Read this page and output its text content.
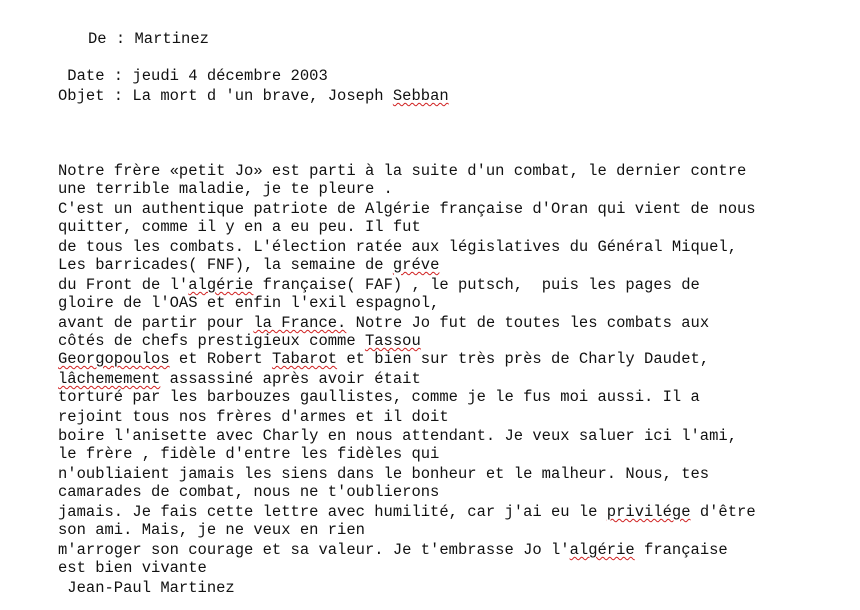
De : Martinez
Date : jeudi 4 décembre 2003
Objet : La mort d 'un brave, Joseph Sebban
Notre frère «petit Jo» est parti à la suite d'un combat, le dernier contre
une terrible maladie, je te pleure .
C'est un authentique patriote de Algérie française d'Oran qui vient de nous
quitter, comme il y en a eu peu. Il fut
de tous les combats. L'élection ratée aux législatives du Général Miquel,
Les barricades( FNF), la semaine de gréve
du Front de l'algérie française( FAF) , le putsch,  puis les pages de
gloire de l'OAS et enfin l'exil espagnol,
avant de partir pour la France. Notre Jo fut de toutes les combats aux
côtés de chefs prestigieux comme Tassou
Georgopoulos et Robert Tabarot et bien sur très près de Charly Daudet,
lâchemement assassiné après avoir était
torturé par les barbouzes gaullistes, comme je le fus moi aussi. Il a
rejoint tous nos frères d'armes et il doit
boire l'anisette avec Charly en nous attendant. Je veux saluer ici l'ami,
le frère , fidèle d'entre les fidèles qui
n'oubliaient jamais les siens dans le bonheur et le malheur. Nous, tes
camarades de combat, nous ne t'oublierons
jamais. Je fais cette lettre avec humilité, car j'ai eu le privilége d'être
son ami. Mais, je ne veux en rien
m'arroger son courage et sa valeur. Je t'embrasse Jo l'algérie française
est bien vivante
Jean-Paul Martinez
